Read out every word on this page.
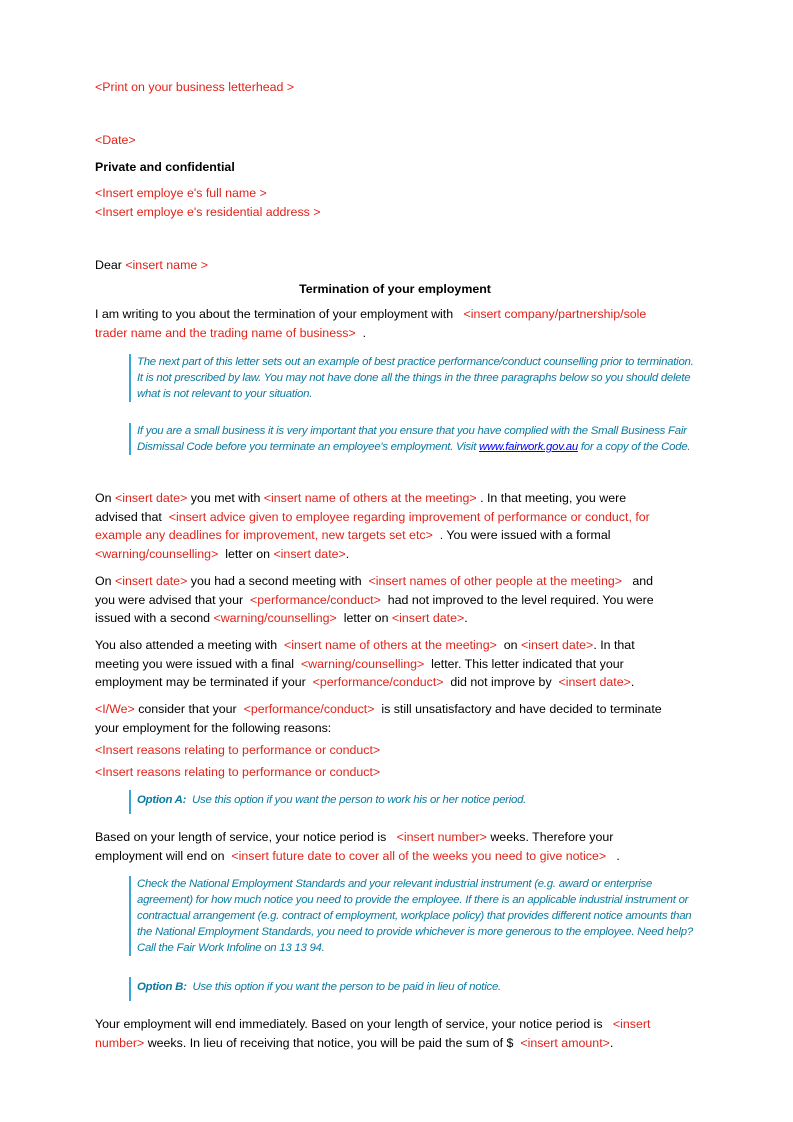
<Print on your business letterhead >
<Date>
Private and confidential
<Insert employe e's full name >
<Insert employe e's residential address >
Dear <insert name >
Termination of your employment
I am writing to you about the termination of your employment with <insert company/partnership/sole
trader name and the trading name of business> .
The next part of this letter sets out an example of best practice performance/conduct counselling prior to termination. It is not prescribed by law. You may not have done all the things in the three paragraphs below so you should delete what is not relevant to your situation.
If you are a small business it is very important that you ensure that you have complied with the Small Business Fair Dismissal Code before you terminate an employee's employment. Visit www.fairwork.gov.au for a copy of the Code.
On <insert date> you met with <insert name of others at the meeting> . In that meeting, you were
advised that <insert advice given to employee regarding improvement of performance or conduct, for
example any deadlines for improvement, new targets set etc> . You were issued with a formal
<warning/counselling> letter on <insert date>.
On <insert date> you had a second meeting with <insert names of other people at the meeting> and
you were advised that your <performance/conduct> had not improved to the level required. You were
issued with a second <warning/counselling> letter on <insert date>.
You also attended a meeting with <insert name of others at the meeting> on <insert date>. In that
meeting you were issued with a final <warning/counselling> letter. This letter indicated that your
employment may be terminated if your <performance/conduct> did not improve by <insert date>.
<I/We> consider that your <performance/conduct> is still unsatisfactory and have decided to terminate
your employment for the following reasons:
<Insert reasons relating to performance or conduct>
<Insert reasons relating to performance or conduct>
Option A: Use this option if you want the person to work his or her notice period.
Based on your length of service, your notice period is <insert number> weeks. Therefore your
employment will end on <insert future date to cover all of the weeks you need to give notice> .
Check the National Employment Standards and your relevant industrial instrument (e.g. award or enterprise agreement) for how much notice you need to provide the employee. If there is an applicable industrial instrument or contractual arrangement (e.g. contract of employment, workplace policy) that provides different notice amounts than the National Employment Standards, you need to provide whichever is more generous to the employee. Need help? Call the Fair Work Infoline on 13 13 94.
Option B: Use this option if you want the person to be paid in lieu of notice.
Your employment will end immediately. Based on your length of service, your notice period is <insert
number> weeks. In lieu of receiving that notice, you will be paid the sum of $ <insert amount>.
